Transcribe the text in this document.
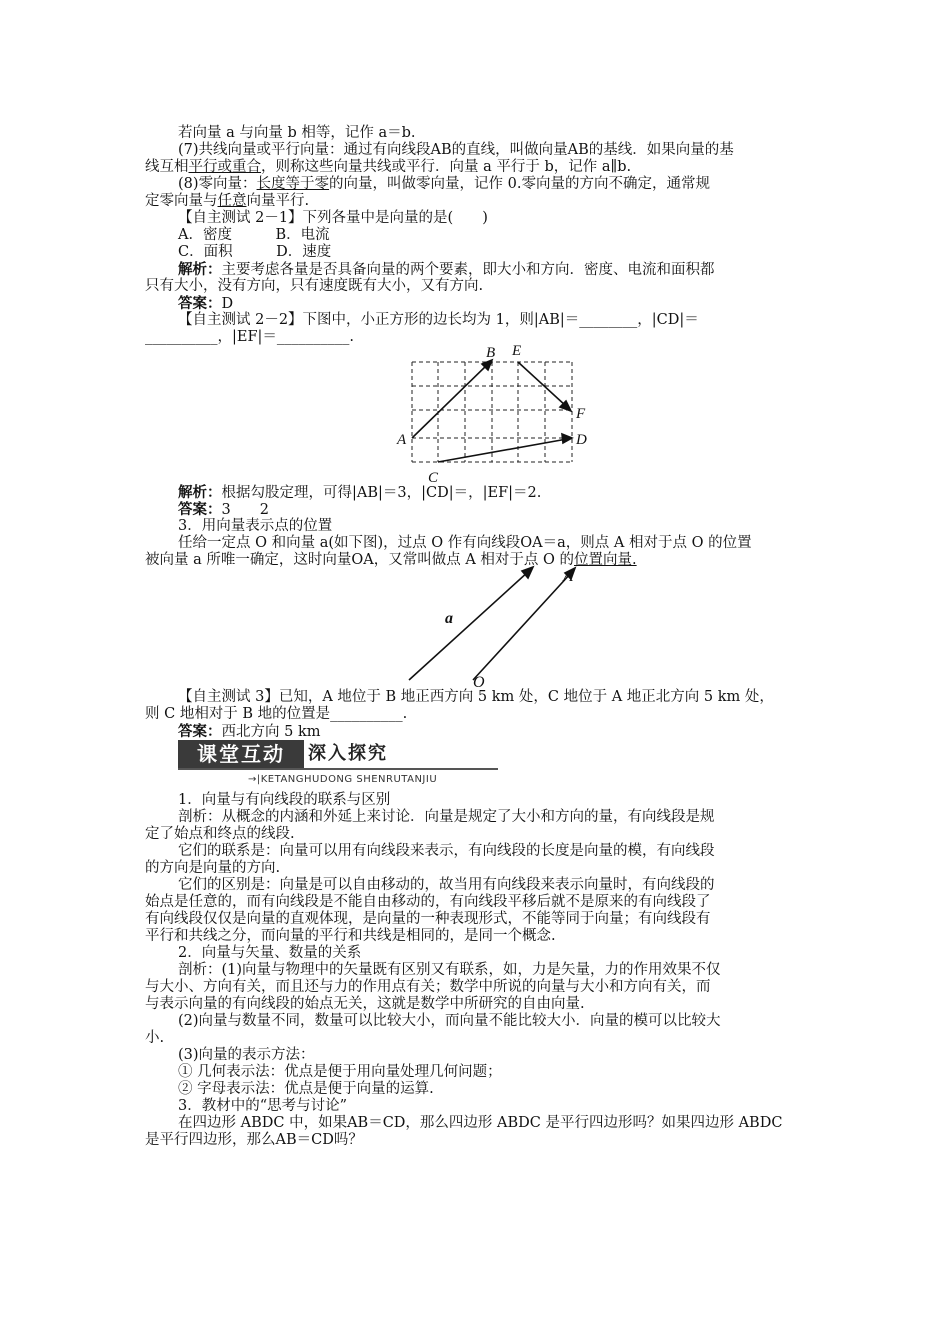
若向量 a 与向量 b 相等，记作 a＝b.
(7)共线向量或平行向量：通过有向线段AB的直线，叫做向量AB的基线．如果向量的基
线互相平行或重合，则称这些向量共线或平行．向量 a 平行于 b，记作 a∥b.
(8)零向量：长度等于零的向量，叫做零向量，记作 0.零向量的方向不确定，通常规
定零向量与任意向量平行.
【自主测试 2－1】下列各量中是向量的是(　　)
A．密度　　　B．电流
C．面积　　　D．速度
解析：主要考虑各量是否具备向量的两个要素，即大小和方向．密度、电流和面积都
只有大小，没有方向，只有速度既有大小，又有方向.
答案：D
【自主测试 2－2】下图中，小正方形的边长均为 1，则|AB|＝________，|CD|＝
__________，|EF|＝__________.
A
B
C
D
E
F
解析：根据勾股定理，可得|AB|＝3，|CD|＝，|EF|＝2.
答案：3　　2
3．用向量表示点的位置
任给一定点 O 和向量 a(如下图)，过点 O 作有向线段OA＝a，则点 A 相对于点 O 的位置
被向量 a 所唯一确定，这时向量OA，又常叫做点 A 相对于点 O 的位置向量.
a
A
O
【自主测试 3】已知，A 地位于 B 地正西方向 5 km 处，C 地位于 A 地正北方向 5 km 处，
则 C 地相对于 B 地的位置是__________.
答案：西北方向 5 km
课堂互动	深入探究
→|KETANGHUDONG SHENRUTANJIU
1．向量与有向线段的联系与区别
剖析：从概念的内涵和外延上来讨论．向量是规定了大小和方向的量，有向线段是规
定了始点和终点的线段.
它们的联系是：向量可以用有向线段来表示，有向线段的长度是向量的模，有向线段
的方向是向量的方向.
它们的区别是：向量是可以自由移动的，故当用有向线段来表示向量时，有向线段的
始点是任意的，而有向线段是不能自由移动的，有向线段平移后就不是原来的有向线段了
有向线段仅仅是向量的直观体现，是向量的一种表现形式，不能等同于向量；有向线段有
平行和共线之分，而向量的平行和共线是相同的，是同一个概念.
2．向量与矢量、数量的关系
剖析：(1)向量与物理中的矢量既有区别又有联系，如，力是矢量，力的作用效果不仅
与大小、方向有关，而且还与力的作用点有关；数学中所说的向量与大小和方向有关，而
与表示向量的有向线段的始点无关，这就是数学中所研究的自由向量.
(2)向量与数量不同，数量可以比较大小，而向量不能比较大小．向量的模可以比较大
小.
(3)向量的表示方法：
① 几何表示法：优点是便于用向量处理几何问题；
② 字母表示法：优点是便于向量的运算.
3．教材中的“思考与讨论”
在四边形 ABDC 中，如果AB＝CD，那么四边形 ABDC 是平行四边形吗？如果四边形 ABDC
是平行四边形，那么AB＝CD吗？
